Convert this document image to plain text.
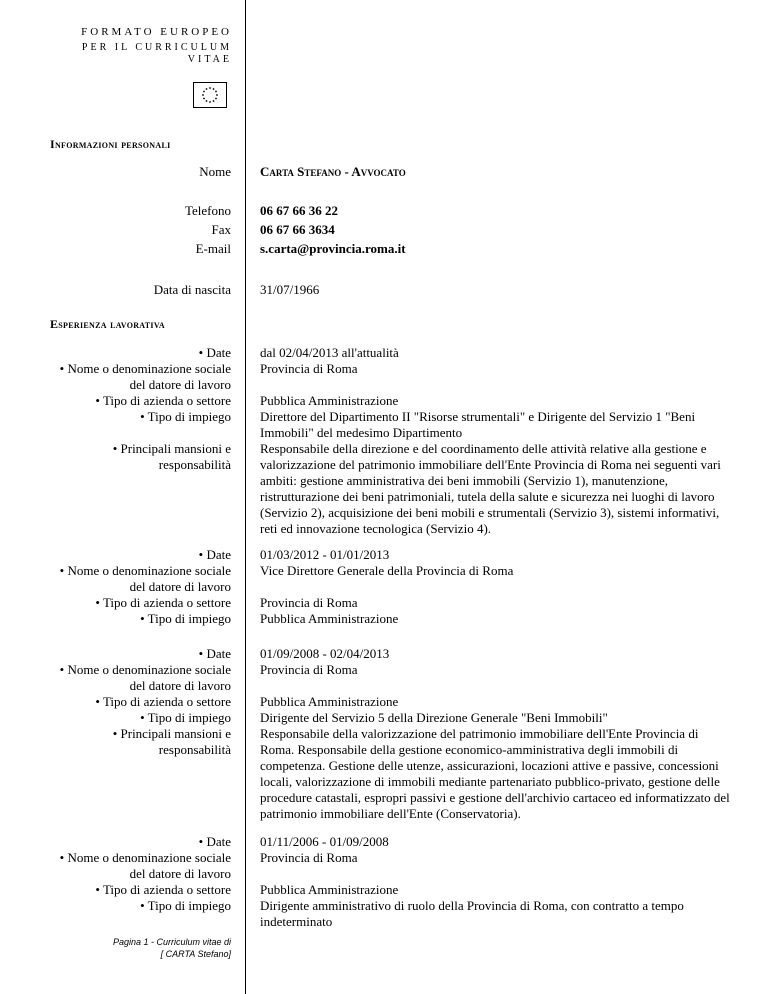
FORMATO EUROPEO
PER IL CURRICULUM
VITAE
Informazioni personali
Nome Carta Stefano - Avvocato
Telefono 06 67 66 36 22
Fax 06 67 66 3634
E-mail s.carta@provincia.roma.it
Data di nascita 31/07/1966
Esperienza lavorativa
• Date
• Nome o denominazione sociale del datore di lavoro
• Tipo di azienda o settore
• Tipo di impiego
• Principali mansioni e responsabilità
dal 02/04/2013 all'attualità
Provincia di Roma
Pubblica Amministrazione
Direttore del Dipartimento II "Risorse strumentali" e Dirigente del Servizio 1 "Beni Immobili" del medesimo Dipartimento
Responsabile della direzione e del coordinamento delle attività relative alla gestione e valorizzazione del patrimonio immobiliare dell'Ente Provincia di Roma nei seguenti vari ambiti: gestione amministrativa dei beni immobili (Servizio 1), manutenzione, ristrutturazione dei beni patrimoniali, tutela della salute e sicurezza nei luoghi di lavoro (Servizio 2), acquisizione dei beni mobili e strumentali (Servizio 3), sistemi informativi, reti ed innovazione tecnologica (Servizio 4).
• Date
• Nome o denominazione sociale del datore di lavoro
• Tipo di azienda o settore
• Tipo di impiego
01/03/2012 - 01/01/2013
Vice Direttore Generale della Provincia di Roma
Provincia di Roma
Pubblica Amministrazione
• Date
• Nome o denominazione sociale del datore di lavoro
• Tipo di azienda o settore
• Tipo di impiego
• Principali mansioni e responsabilità
01/09/2008 - 02/04/2013
Provincia di Roma
Pubblica Amministrazione
Dirigente del Servizio 5 della Direzione Generale "Beni Immobili"
Responsabile della valorizzazione del patrimonio immobiliare dell'Ente Provincia di Roma. Responsabile della gestione economico-amministrativa degli immobili di competenza. Gestione delle utenze, assicurazioni, locazioni attive e passive, concessioni locali, valorizzazione di immobili mediante partenariato pubblico-privato, gestione delle procedure catastali, espropri passivi e gestione dell'archivio cartaceo ed informatizzato del patrimonio immobiliare dell'Ente (Conservatoria).
• Date
• Nome o denominazione sociale del datore di lavoro
• Tipo di azienda o settore
• Tipo di impiego
01/11/2006 - 01/09/2008
Provincia di Roma
Pubblica Amministrazione
Dirigente amministrativo di ruolo della Provincia di Roma, con contratto a tempo indeterminato
Pagina 1 - Curriculum vitae di
[ CARTA Stefano]
